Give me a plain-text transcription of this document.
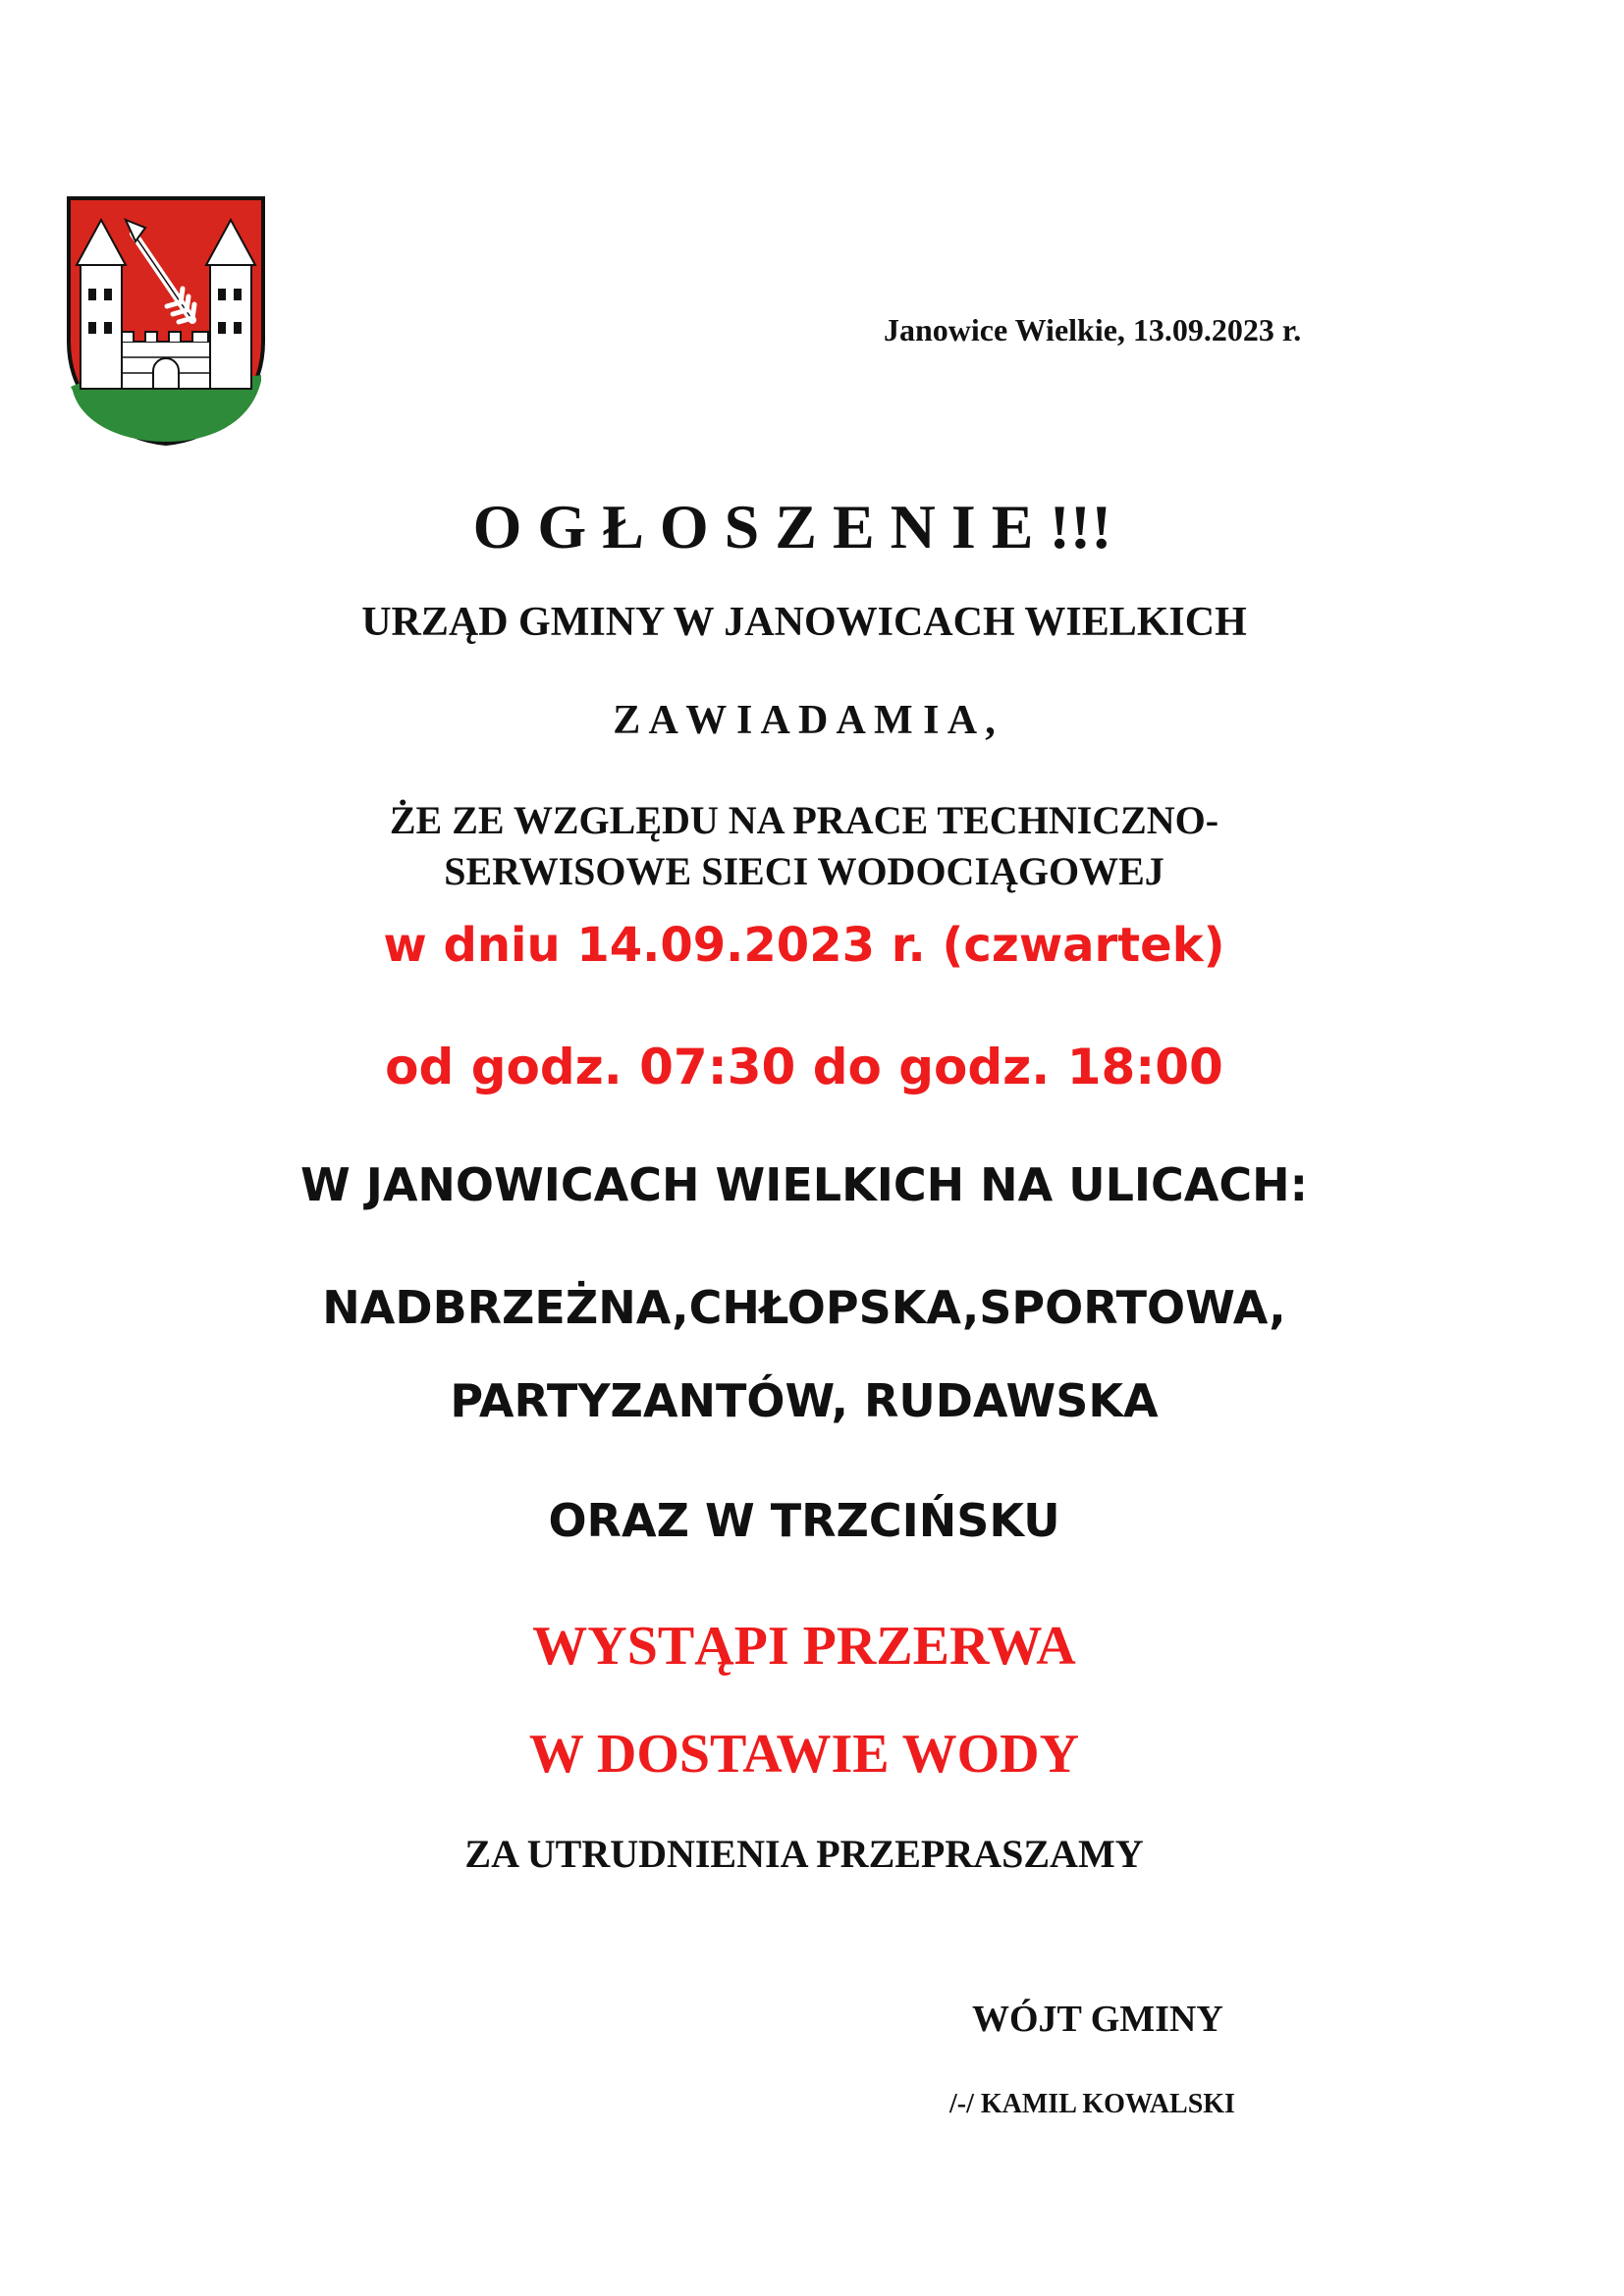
Janowice Wielkie, 13.09.2023 r.

O G Ł O S Z E N I E !!!

URZĄD GMINY W JANOWICACH WIELKICH

Z A W I A D A M I A ,

ŻE ZE WZGLĘDU NA PRACE TECHNICZNO-

SERWISOWE SIECI WODOCIĄGOWEJ

w dniu 14.09.2023 r. (czwartek)

od godz. 07:30 do godz. 18:00

W JANOWICACH WIELKICH NA ULICACH:

NADBRZEŻNA,CHŁOPSKA,SPORTOWA,

PARTYZANTÓW, RUDAWSKA

ORAZ W TRZCIŃSKU

WYSTĄPI PRZERWA

W DOSTAWIE WODY

ZA UTRUDNIENIA PRZEPRASZAMY

WÓJT GMINY
/-/ KAMIL KOWALSKI
